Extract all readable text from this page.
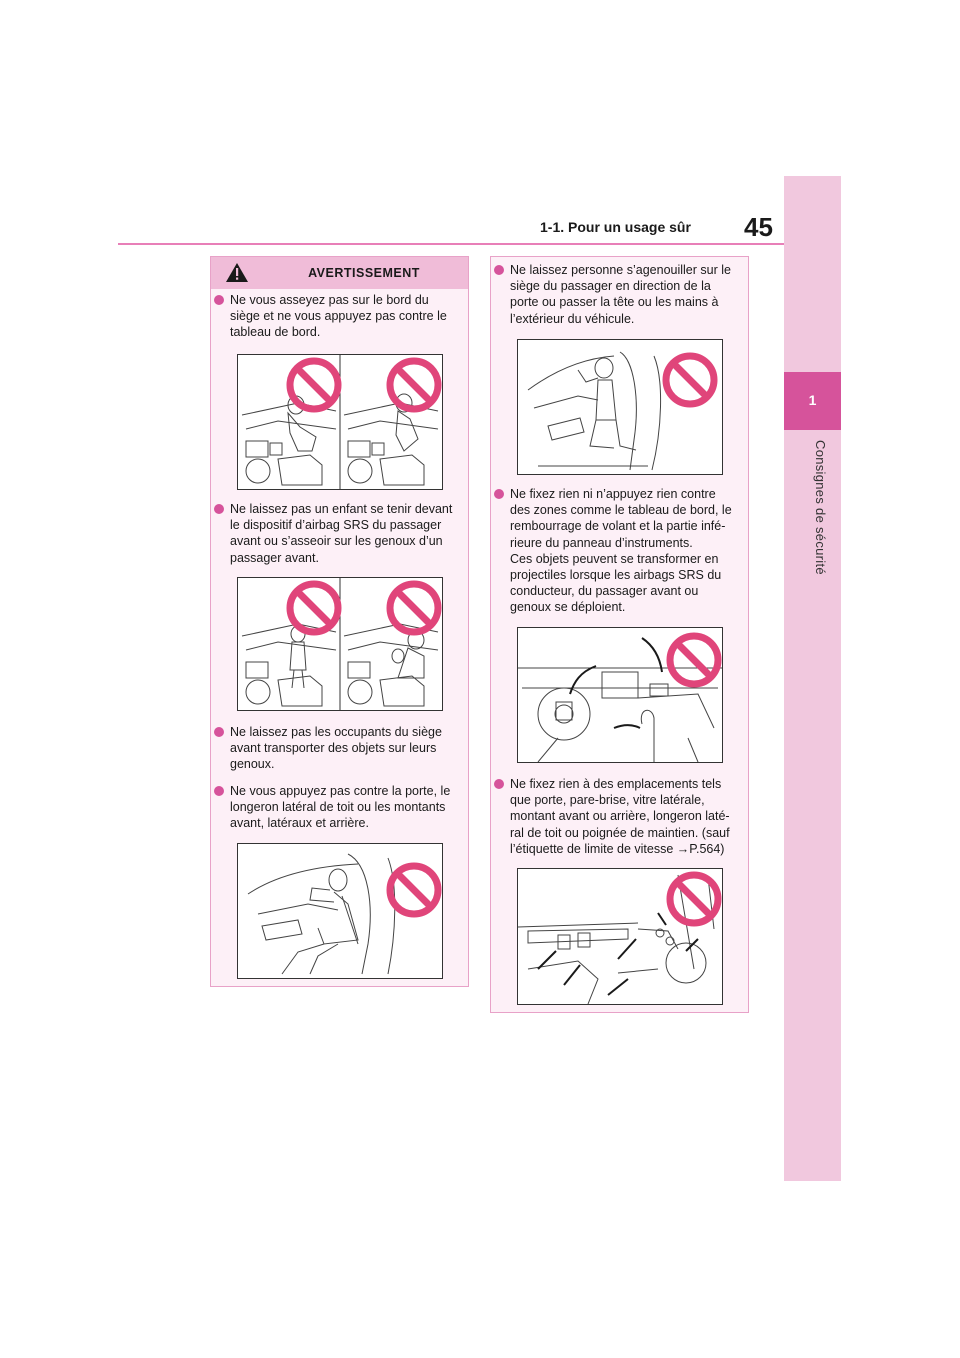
1-1. Pour un usage sûr 45
1
Consignes de sécurité
AVERTISSEMENT
Ne vous asseyez pas sur le bord du
siège et ne vous appuyez pas contre le
tableau de bord.
Ne laissez pas un enfant se tenir devant
le dispositif d’airbag SRS du passager
avant ou s’asseoir sur les genoux d’un
passager avant.
Ne laissez pas les occupants du siège
avant transporter des objets sur leurs
genoux.
Ne vous appuyez pas contre la porte, le
longeron latéral de toit ou les montants
avant, latéraux et arrière.
Ne laissez personne s’agenouiller sur le
siège du passager en direction de la
porte ou passer la tête ou les mains à
l’extérieur du véhicule.
Ne fixez rien ni n’appuyez rien contre
des zones comme le tableau de bord, le
rembourrage de volant et la partie infé-
rieure du panneau d’instruments.
Ces objets peuvent se transformer en
projectiles lorsque les airbags SRS du
conducteur, du passager avant ou
genoux se déploient.
Ne fixez rien à des emplacements tels
que porte, pare-brise, vitre latérale,
montant avant ou arrière, longeron laté-
ral de toit ou poignée de maintien. (sauf
l’étiquette de limite de vitesse →P.564)
